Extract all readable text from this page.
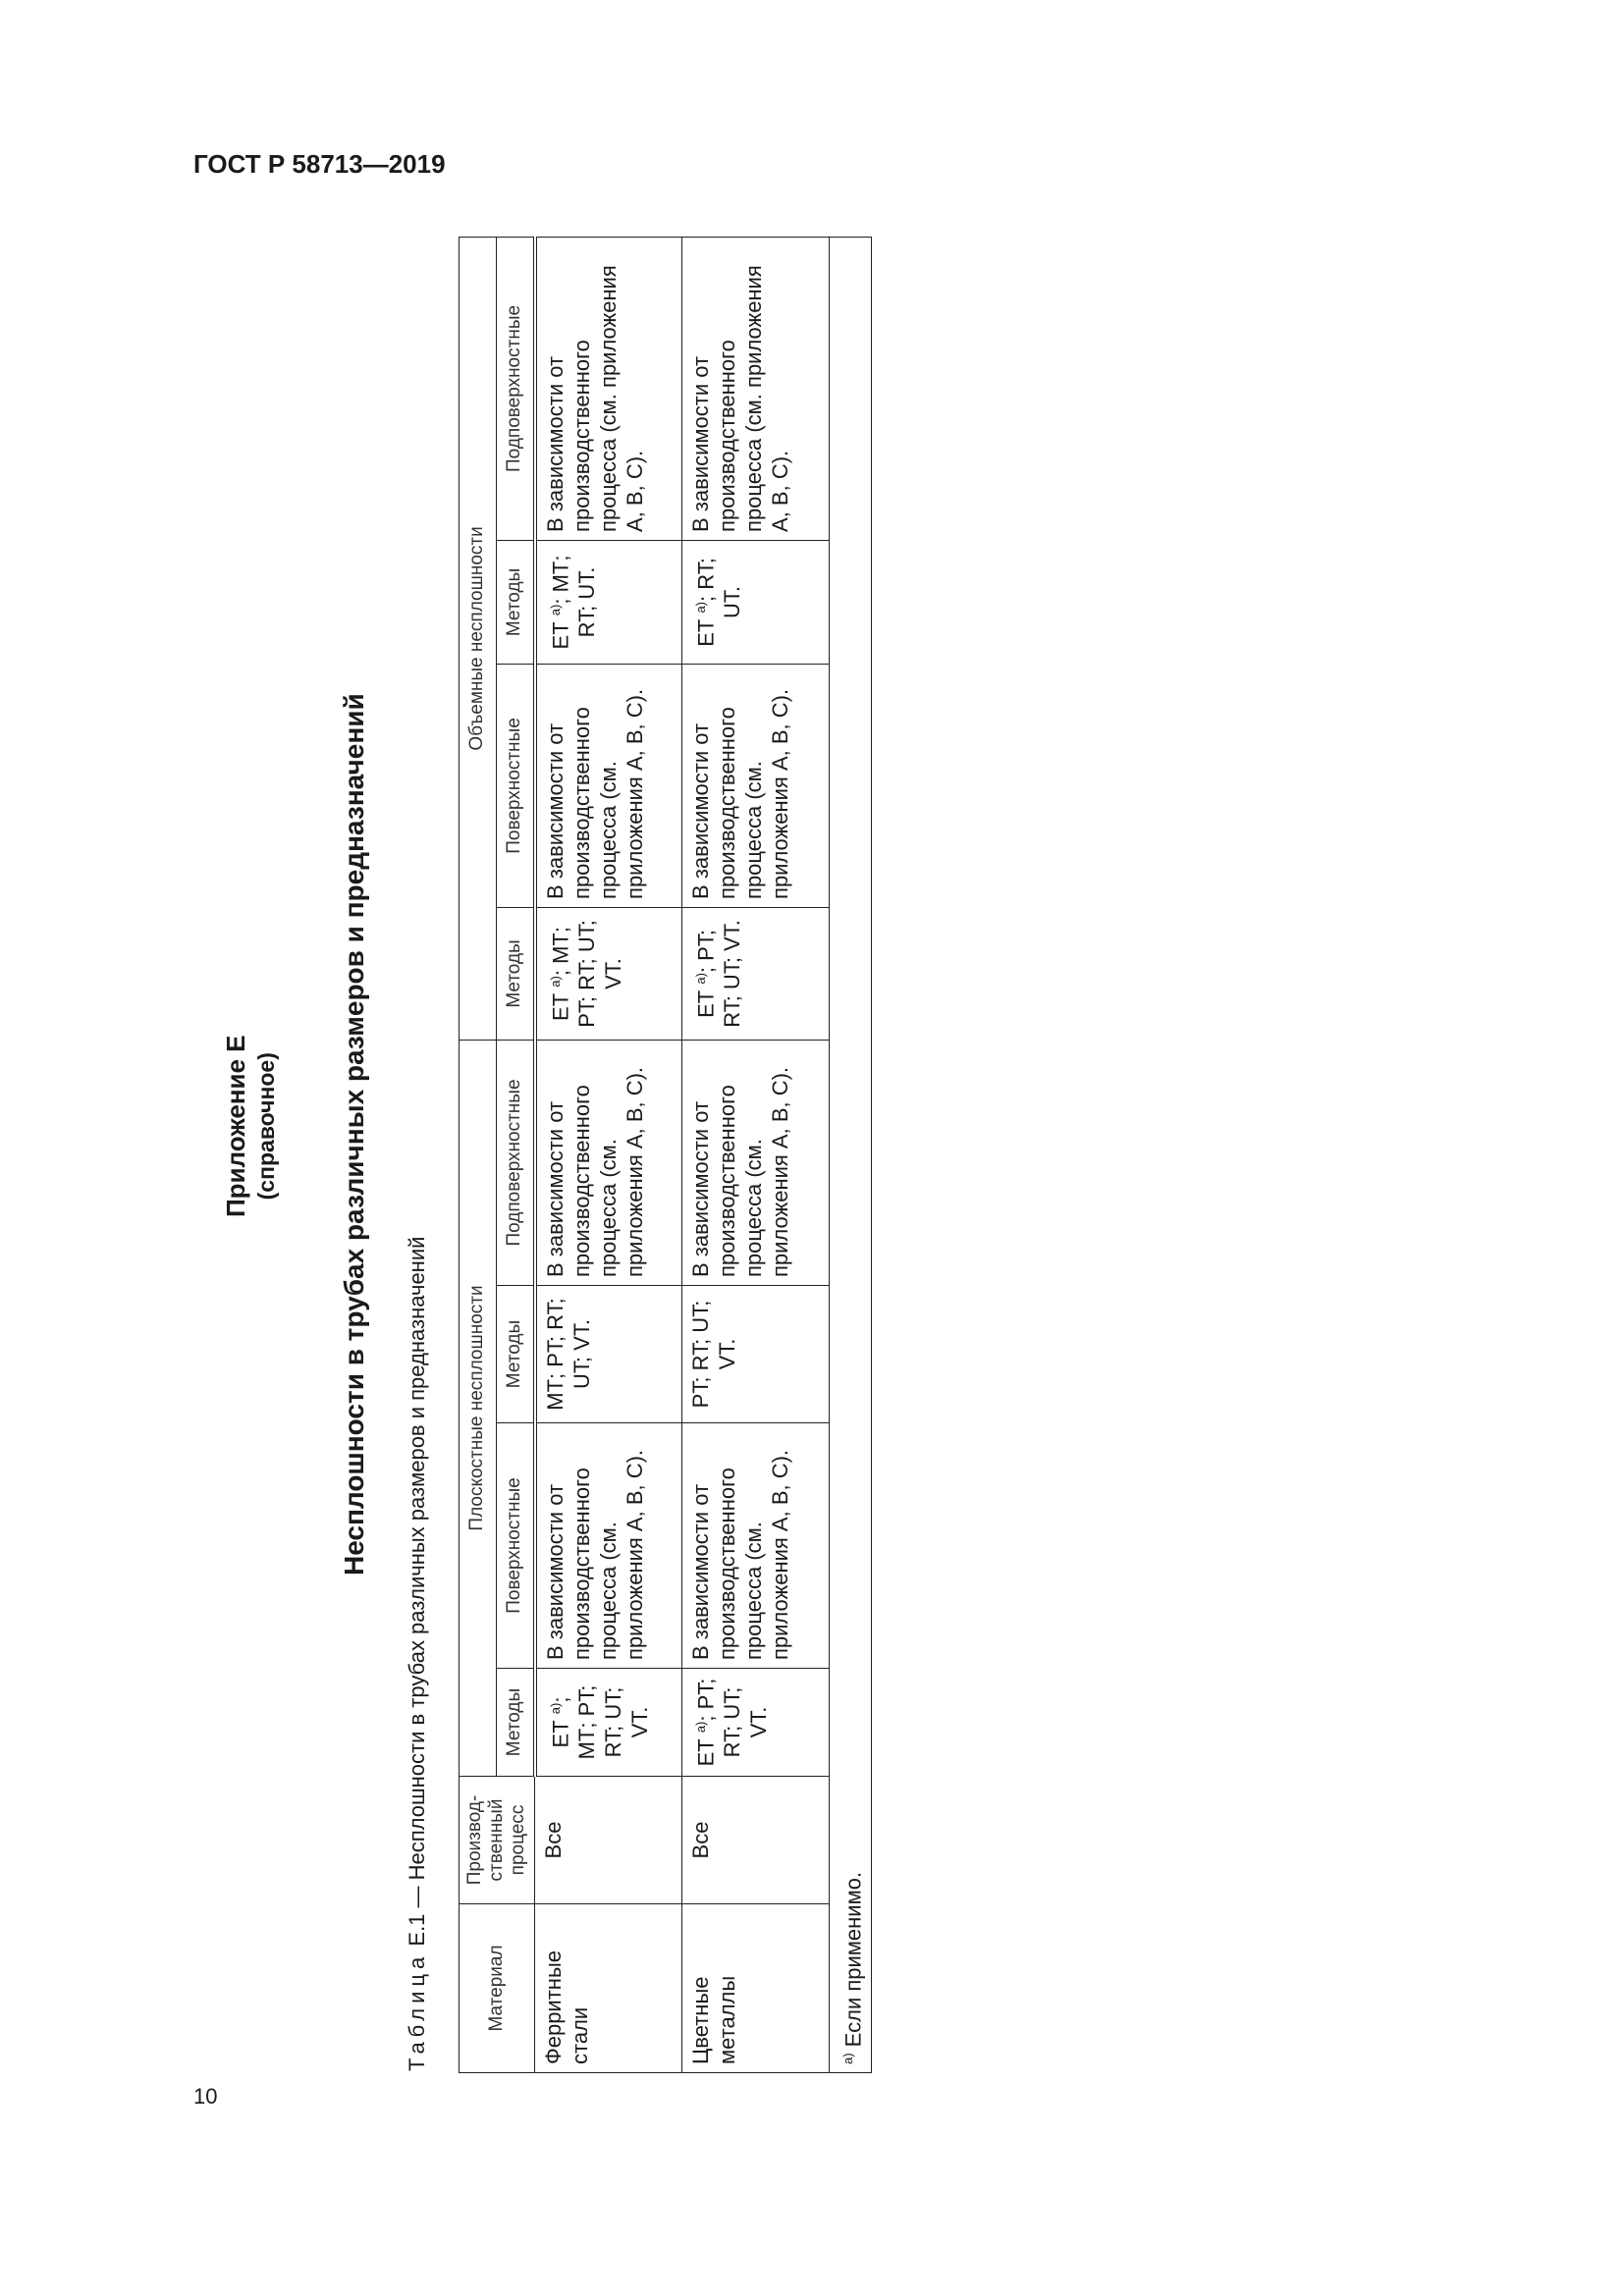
ГОСТ Р 58713—2019
Приложение Е (справочное) Несплошности в трубах различных размеров и предназначений
Таблица Е.1 — Несплошности в трубах различных размеров и предназначений
Материал	Производственный процесс	Плоскостные несплошности				Объемные несплошности			
		Методы	Поверхностные	Методы	Подповерхностные	Методы	Поверхностные	Методы	Подповерхностные
Ферритные стали	Все	ЕТ $^{а)}$; МТ; PT; RT; UT; VT.	В зависимости от производственного процесса (см. приложения А, В, С).	МТ; PT; RT; UT; VT.	В зависимости от производственного процесса (см. приложения А, В, С).	ЕТ $^{а)}$; МТ; PT; RT; UT; VT.	В зависимости от производственного процесса (см. приложения А, В, С).	ЕТ $^{а)}$; МТ; RT; UT.	В зависимости от производственного процесса (см. приложения А, В, С).
Цветные металлы	Все	ЕТ $^{а)}$; PT; RT; UT; VT.	В зависимости от производственного процесса (см. приложения А, В, С).	PT; RT; UT; VT.	В зависимости от производственного процесса (см. приложения А, В, С).	ЕТ $^{а)}$; PT; RT; UT; VT.	В зависимости от производственного процесса (см. приложения А, В, С).	ЕТ $^{а)}$; RT; UT.	В зависимости от производственного процесса (см. приложения А, В, С).
$^{а)}$ Если применимо.									
10
